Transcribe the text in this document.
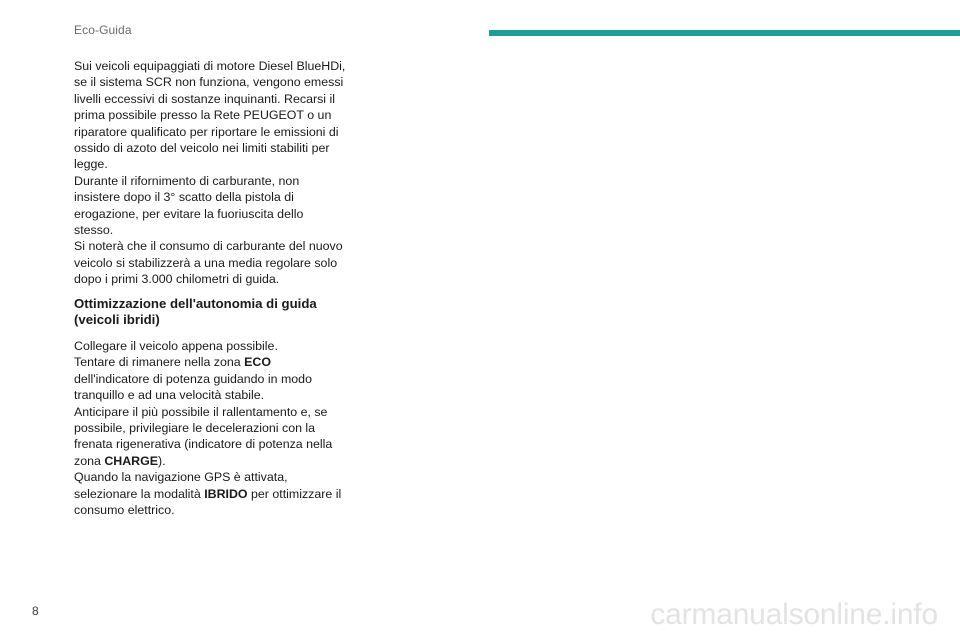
Eco-Guida

Sui veicoli equipaggiati di motore Diesel BlueHDi, se il sistema SCR non funziona, vengono emessi livelli eccessivi di sostanze inquinanti. Recarsi il prima possibile presso la Rete PEUGEOT o un riparatore qualificato per riportare le emissioni di ossido di azoto del veicolo nei limiti stabiliti per legge.

Durante il rifornimento di carburante, non insistere dopo il 3° scatto della pistola di erogazione, per evitare la fuoriuscita dello stesso.

Si noterà che il consumo di carburante del nuovo veicolo si stabilizzerà a una media regolare solo dopo i primi 3.000 chilometri di guida.

Ottimizzazione dell'autonomia di guida (veicoli ibridi)

Collegare il veicolo appena possibile.

Tentare di rimanere nella zona ECO dell'indicatore di potenza guidando in modo tranquillo e ad una velocità stabile.

Anticipare il più possibile il rallentamento e, se possibile, privilegiare le decelerazioni con la frenata rigenerativa (indicatore di potenza nella zona CHARGE).

Quando la navigazione GPS è attivata, selezionare la modalità IBRIDO per ottimizzare il consumo elettrico.

8	carmanualsonline.info
